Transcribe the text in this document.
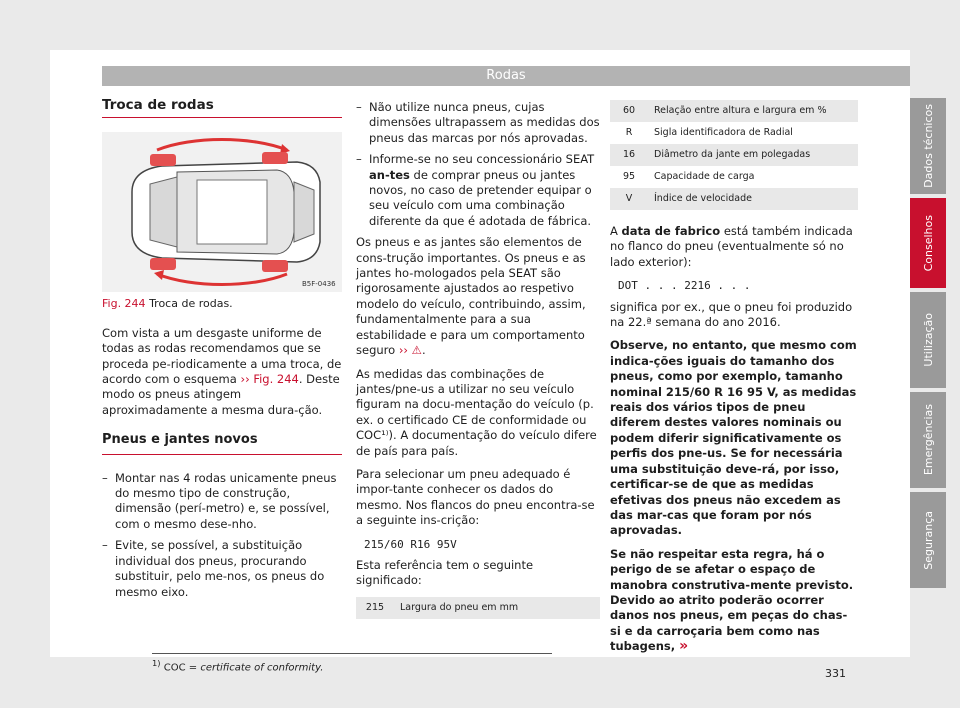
Rodas
Troca de rodas
B5F-0436
Fig. 244 Troca de rodas.

Com vista a um desgaste uniforme de todas as rodas recomendamos que se proceda pe-riodicamente a uma troca, de acordo com o esquema ›› Fig. 244. Deste modo os pneus atingem aproximadamente a mesma dura-ção.

Pneus e jantes novos
– Montar nas 4 rodas unicamente pneus do mesmo tipo de construção, dimensão (perí-metro) e, se possível, com o mesmo dese-nho.
– Evite, se possível, a substituição individual dos pneus, procurando substituir, pelo me-nos, os pneus do mesmo eixo.
– Não utilize nunca pneus, cujas dimensões ultrapassem as medidas dos pneus das marcas por nós aprovadas.
– Informe-se no seu concessionário SEAT an-tes de comprar pneus ou jantes novos, no caso de pretender equipar o seu veículo com uma combinação diferente da que é adotada de fábrica.

Os pneus e as jantes são elementos de cons-trução importantes. Os pneus e as jantes ho-mologados pela SEAT são rigorosamente ajustados ao respetivo modelo do veículo, contribuindo, assim, fundamentalmente para a sua estabilidade e para um comportamento seguro ›› ⚠.

As medidas das combinações de jantes/pne-us a utilizar no seu veículo figuram na docu-mentação do veículo (p. ex. o certificado CE de conformidade ou COC¹⁾). A documentação do veículo difere de país para país.

Para selecionar um pneu adequado é impor-tante conhecer os dados do mesmo. Nos flancos do pneu encontra-se a seguinte ins-crição:

215/60 R16 95V

Esta referência tem o seguinte significado:

215	Largura do pneu em mm
60	Relação entre altura e largura em %
R	Sigla identificadora de Radial
16	Diâmetro da jante em polegadas
95	Capacidade de carga
V	Índice de velocidade

A data de fabrico está também indicada no flanco do pneu (eventualmente só no lado exterior):

DOT . . . 2216 . . .

significa por ex., que o pneu foi produzido na 22.ª semana do ano 2016.

Observe, no entanto, que mesmo com indica-ções iguais do tamanho dos pneus, como por exemplo, tamanho nominal 215/60 R 16 95 V, as medidas reais dos vários tipos de pneu diferem destes valores nominais ou podem diferir significativamente os perfis dos pne-us. Se for necessária uma substituição deve-rá, por isso, certificar-se de que as medidas efetivas dos pneus não excedem as das mar-cas que foram por nós aprovadas.

Se não respeitar esta regra, há o perigo de se afetar o espaço de manobra construtiva-mente previsto. Devido ao atrito poderão ocorrer danos nos pneus, em peças do chas-si e da carroçaria bem como nas tubagens, »

$^{1)}$ COC = certificate of conformity.	331
Dados técnicos
Conselhos
Utilização
Emergências
Segurança
